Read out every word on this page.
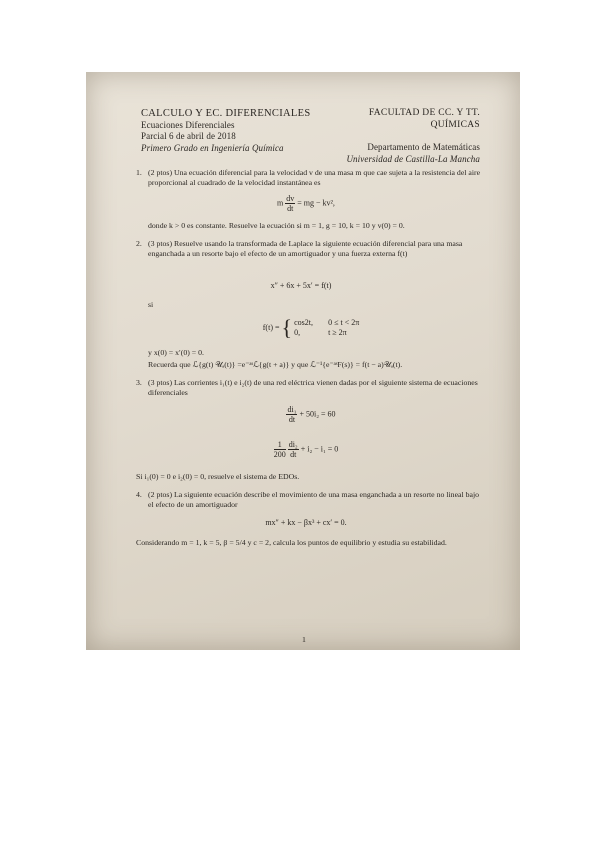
CALCULO Y EC. DIFERENCIALES
Ecuaciones Diferenciales
Parcial 6 de abril de 2018
Primero Grado en Ingeniería Química
FACULTAD DE CC. Y TT. QUÍMICAS
Departamento de Matemáticas
Universidad de Castilla-La Mancha
1. (2 ptos) Una ecuación diferencial para la velocidad v de una masa m que cae sujeta a la resistencia del aire proporcional al cuadrado de la velocidad instantánea es
m $\frac{dv}{dt}$ = mg − kv²,
donde k > 0 es constante. Resuelve la ecuación si m = 1, g = 10, k = 10 y v(0) = 0.
2. (3 ptos) Resuelve usando la transformada de Laplace la siguiente ecuación diferencial para una masa enganchada a un resorte bajo el efecto de un amortiguador y una fuerza externa f(t)
x″ + 6x + 5x′ = f(t)
si
f(t) = { cos2t, 0 ≤ t < 2π
0,	t ≥ 2π
y x(0) = x′(0) = 0.
Recuerda que ℒ{g(t) 𝒰ₐ(t)} =e⁻ᵃˢℒ{g(t + a)} y que ℒ⁻¹{e⁻ᵃˢF(s)} = f(t − a)𝒰ₐ(t).
3. (3 ptos) Las corrientes i₁(t) e i₂(t) de una red eléctrica vienen dadas por el siguiente sistema de ecuaciones diferenciales
$\frac{\text{di₁}}{dt} + 50i_2 = 60$
$\frac{1}{200}$
$\frac{\text{di₂}}{dt} + i_2 - i_1 = 0$
Si i₁(0) = 0 e i₂(0) = 0, resuelve el sistema de EDOs.
4. (2 ptos) La siguiente ecuación describe el movimiento de una masa enganchada a un resorte no lineal bajo el efecto de un amortiguador
mx″ + kx − βx³ + cx′ = 0.
Considerando m = 1, k = 5, β = 5/4 y c = 2, calcula los puntos de equilibrio y estudia su estabilidad.
1
